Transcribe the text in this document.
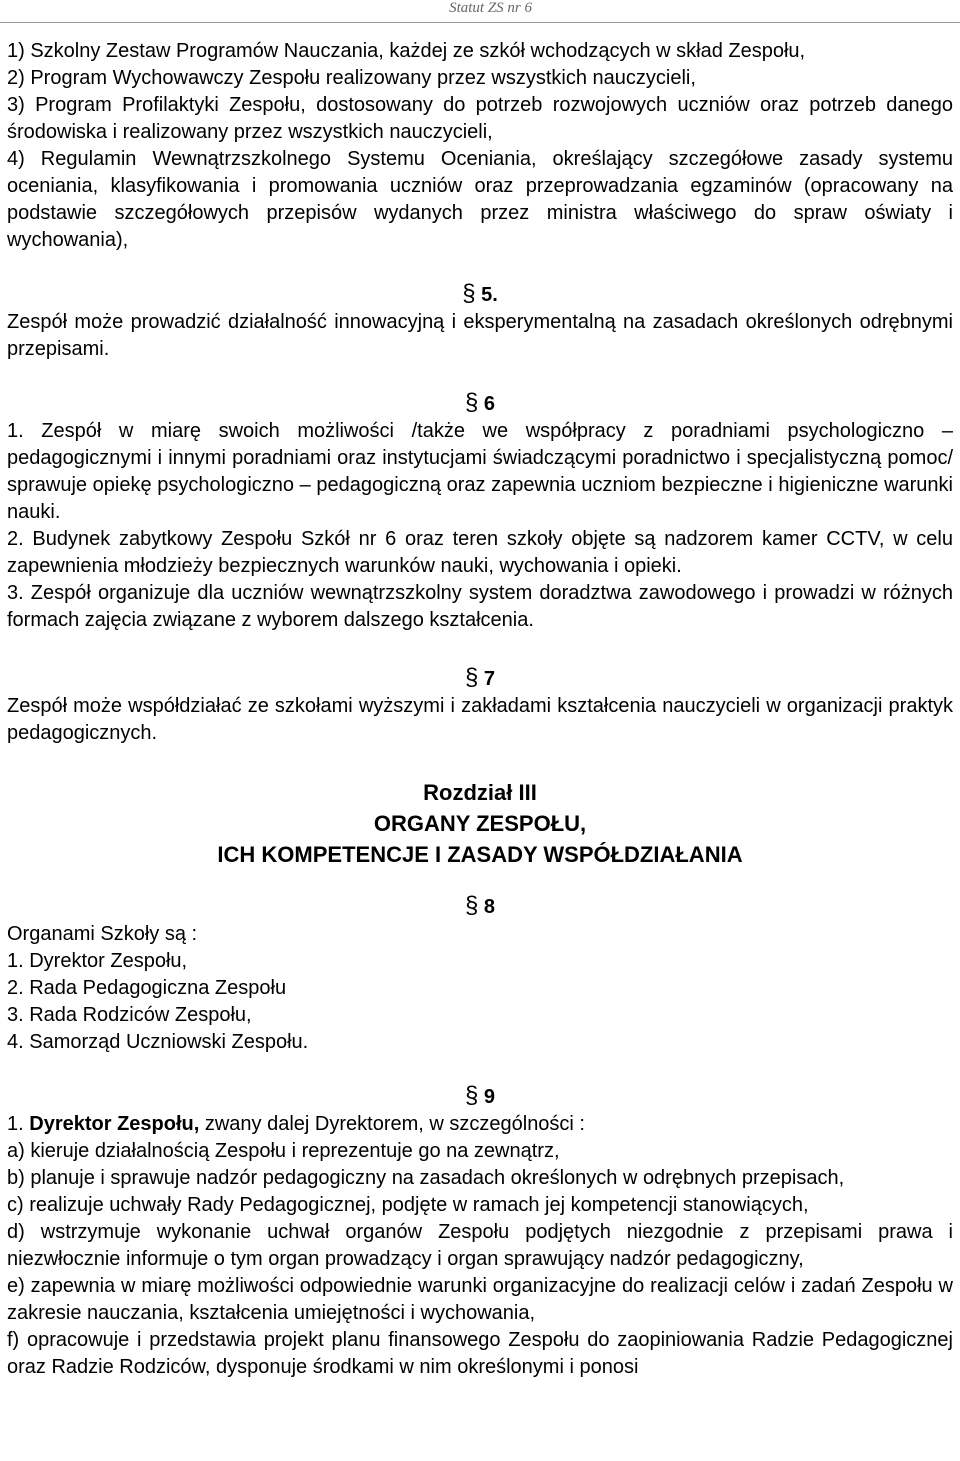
Statut ZS nr 6

1) Szkolny Zestaw Programów Nauczania, każdej ze szkół wchodzących w skład Zespołu,

2) Program Wychowawczy Zespołu realizowany przez wszystkich nauczycieli,

3) Program Profilaktyki Zespołu, dostosowany do potrzeb rozwojowych uczniów oraz potrzeb danego środowiska i realizowany przez wszystkich nauczycieli,

4) Regulamin Wewnątrzszkolnego Systemu Oceniania, określający szczegółowe zasady systemu oceniania, klasyfikowania i promowania uczniów oraz przeprowadzania egzaminów (opracowany na podstawie szczegółowych przepisów wydanych przez ministra właściwego do spraw oświaty i wychowania),

§ 5.

Zespół może prowadzić działalność innowacyjną i eksperymentalną na zasadach określonych odrębnymi przepisami.

§ 6

1. Zespół w miarę swoich możliwości /także we współpracy z poradniami psychologiczno – pedagogicznymi i innymi poradniami oraz instytucjami świadczącymi poradnictwo i specjalistyczną pomoc/ sprawuje opiekę psychologiczno – pedagogiczną oraz zapewnia uczniom bezpieczne i higieniczne warunki nauki.

2. Budynek zabytkowy Zespołu Szkół nr 6 oraz teren szkoły objęte są nadzorem kamer CCTV, w celu zapewnienia młodzieży bezpiecznych warunków nauki, wychowania i opieki.

3. Zespół organizuje dla uczniów wewnątrzszkolny system doradztwa zawodowego i prowadzi w różnych formach zajęcia związane z wyborem dalszego kształcenia.

§ 7

Zespół może współdziałać ze szkołami wyższymi i zakładami kształcenia nauczycieli w organizacji praktyk pedagogicznych.

Rozdział III

ORGANY ZESPOŁU,

ICH KOMPETENCJE I ZASADY WSPÓŁDZIAŁANIA

§ 8

Organami Szkoły są :

1. Dyrektor Zespołu,

2. Rada Pedagogiczna Zespołu

3. Rada Rodziców Zespołu,

4. Samorząd Uczniowski Zespołu.

§ 9

1. Dyrektor Zespołu, zwany dalej Dyrektorem, w szczególności :

a) kieruje działalnością Zespołu i reprezentuje go na zewnątrz,

b) planuje i sprawuje nadzór pedagogiczny na zasadach określonych w odrębnych przepisach,

c) realizuje uchwały Rady Pedagogicznej, podjęte w ramach jej kompetencji stanowiących,

d) wstrzymuje wykonanie uchwał organów Zespołu podjętych niezgodnie z przepisami prawa i niezwłocznie informuje o tym organ prowadzący i organ sprawujący nadzór pedagogiczny,

e) zapewnia w miarę możliwości odpowiednie warunki organizacyjne do realizacji celów i zadań Zespołu w zakresie nauczania, kształcenia umiejętności i wychowania,

f) opracowuje i przedstawia projekt planu finansowego Zespołu do zaopiniowania Radzie Pedagogicznej oraz Radzie Rodziców, dysponuje środkami w nim określonymi i ponosi
